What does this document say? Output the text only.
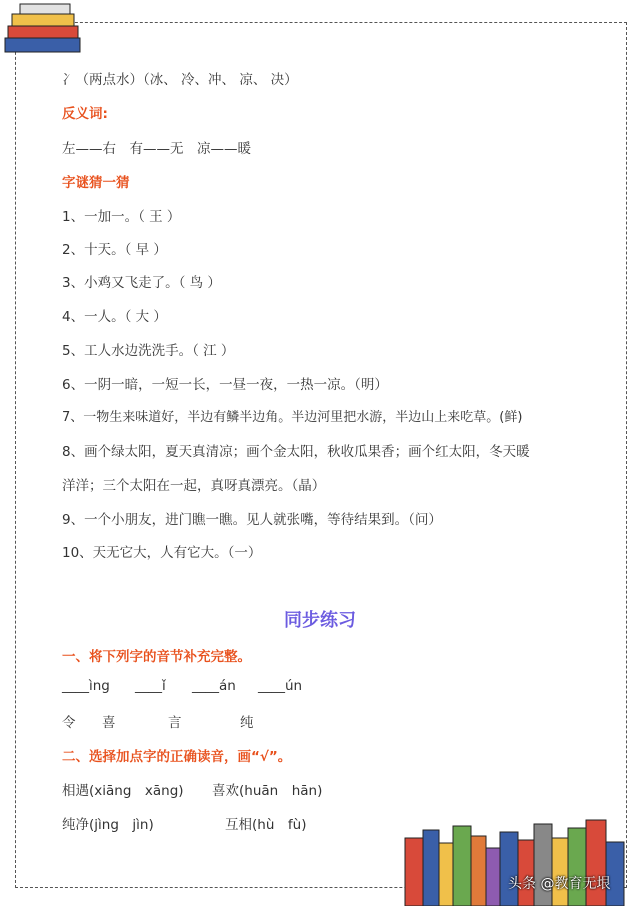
冫（两点水）（冰、 冷、冲、 凉、 决）
反义词:
左——右　有——无　凉——暖
字谜猜一猜
1、一加一。（ 王 ）
2、十天。（ 早 ）
3、小鸡又飞走了。（ 鸟 ）
4、一人。（ 大 ）
5、工人水边洗洗手。（ 江 ）
6、一阴一暗，一短一长，一昼一夜，一热一凉。（明）
7、一物生来味道好，半边有鳞半边角。半边河里把水游，半边山上来吃草。(鲜)
8、画个绿太阳，夏天真清凉；画个金太阳，秋收瓜果香；画个红太阳，冬天暖
洋洋；三个太阳在一起，真呀真漂亮。（晶）
9、一个小朋友，进门瞧一瞧。见人就张嘴，等待结果到。（问）
10、天无它大，人有它大。（一）
同步练习
一、将下列字的音节补充完整。
____ìng ____ǐ ____án ____ún
令 喜	言	纯
二、选择加点字的正确读音，画“√”。
相遇(xiāng　xāng) 喜欢(huān　hān)
纯净(jìng　jìn)	互相(hù　fù)
头条 @教育无垠
